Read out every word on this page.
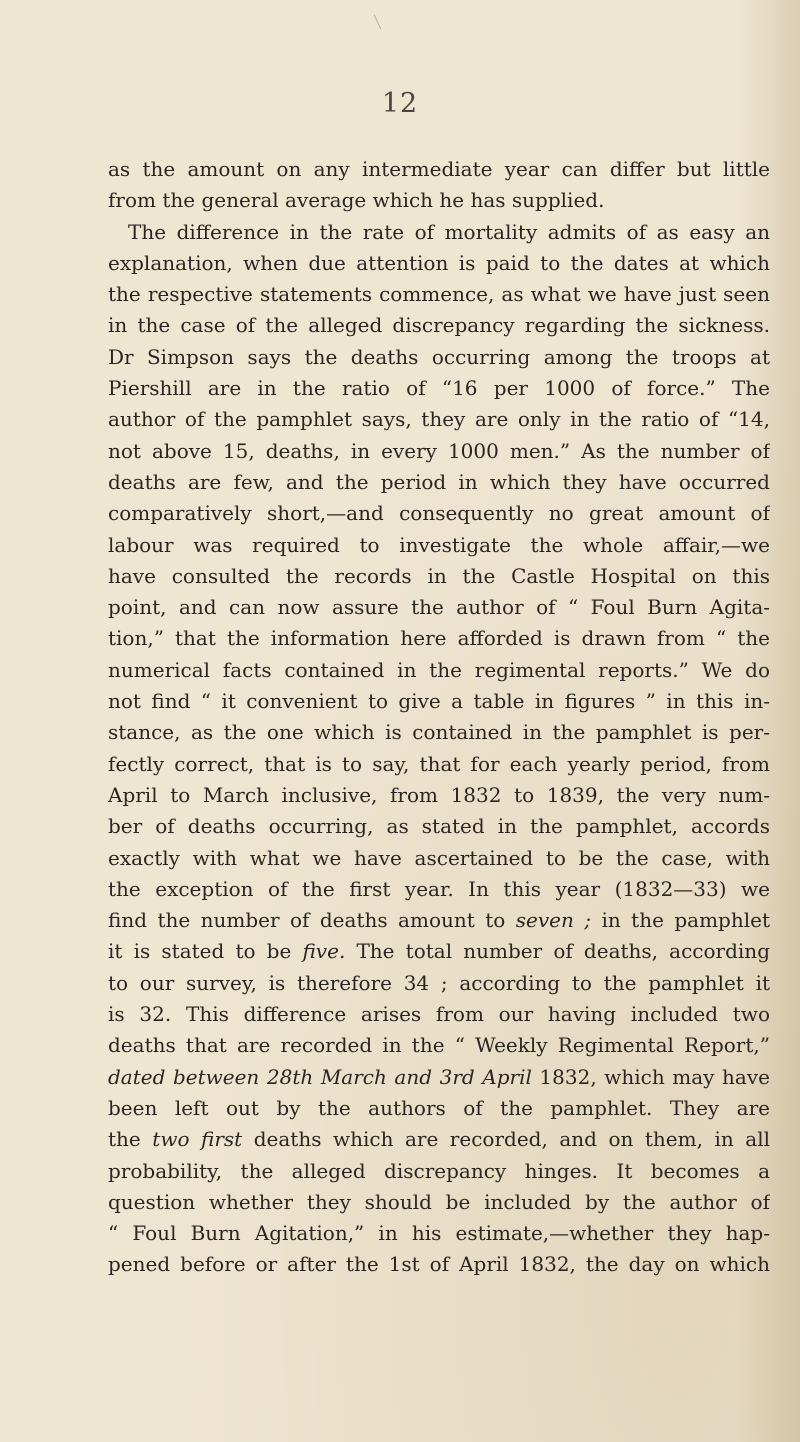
12
as the amount on any intermediate year can differ but little
from the general average which he has supplied.
The difference in the rate of mortality admits of as easy an
explanation, when due attention is paid to the dates at which
the respective statements commence, as what we have just seen
in the case of the alleged discrepancy regarding the sickness.
Dr Simpson says the deaths occurring among the troops at
Piershill are in the ratio of “16 per 1000 of force.” The
author of the pamphlet says, they are only in the ratio of “14,
not above 15, deaths, in every 1000 men.” As the number of
deaths are few, and the period in which they have occurred
comparatively short,—and consequently no great amount of
labour was required to investigate the whole affair,—we
have consulted the records in the Castle Hospital on this
point, and can now assure the author of “ Foul Burn Agita-
tion,” that the information here afforded is drawn from “ the
numerical facts contained in the regimental reports.” We do
not find “ it convenient to give a table in figures ” in this in-
stance, as the one which is contained in the pamphlet is per-
fectly correct, that is to say, that for each yearly period, from
April to March inclusive, from 1832 to 1839, the very num-
ber of deaths occurring, as stated in the pamphlet, accords
exactly with what we have ascertained to be the case, with
the exception of the first year. In this year (1832—33) we
find the number of deaths amount to seven ; in the pamphlet
it is stated to be five. The total number of deaths, according
to our survey, is therefore 34 ; according to the pamphlet it
is 32. This difference arises from our having included two
deaths that are recorded in the “ Weekly Regimental Report,”
dated between 28th March and 3rd April 1832, which may have
been left out by the authors of the pamphlet. They are
the two first deaths which are recorded, and on them, in all
probability, the alleged discrepancy hinges. It becomes a
question whether they should be included by the author of
“ Foul Burn Agitation,” in his estimate,—whether they hap-
pened before or after the 1st of April 1832, the day on which
